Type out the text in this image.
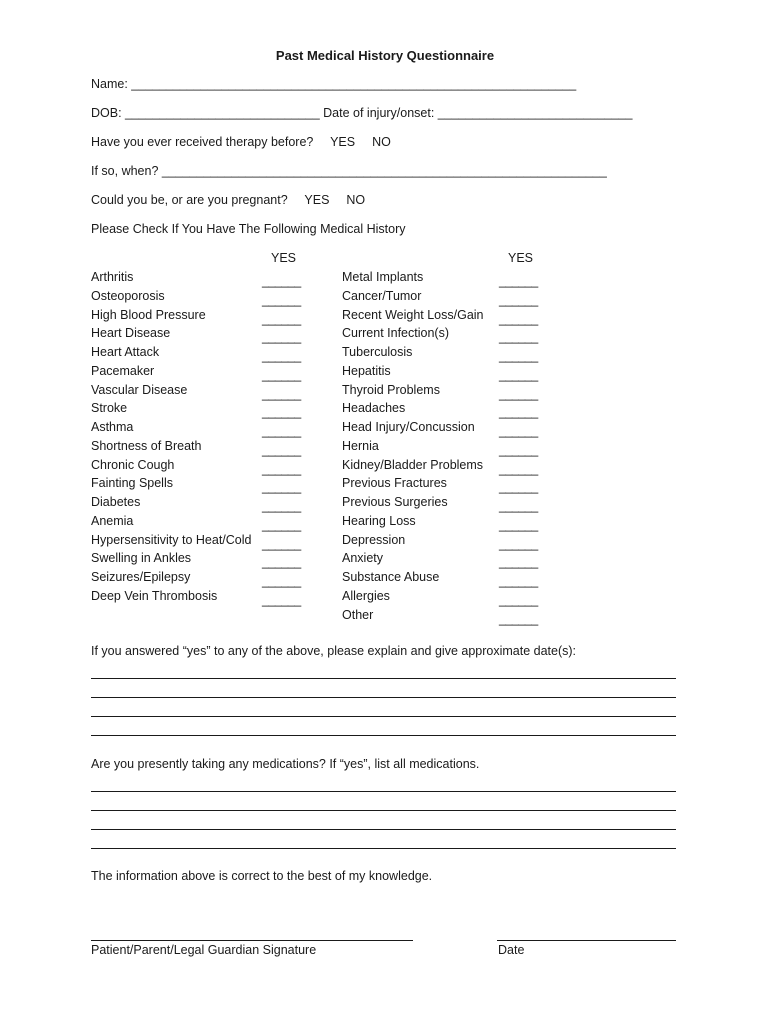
Past Medical History Questionnaire
Name: ________________________________________________________________
DOB: ____________________________ Date of injury/onset: ____________________________
Have you ever received therapy before? YES NO
If so, when? ________________________________________________________________
Could you be, or are you pregnant? YES NO
Please Check If You Have The Following Medical History
YES	YES
Arthritis	______
Osteoporosis	______
High Blood Pressure	______
Heart Disease	______
Heart Attack	______
Pacemaker	______
Vascular Disease	______
Stroke	______
Asthma	______
Shortness of Breath	______
Chronic Cough	______
Fainting Spells	______
Diabetes	______
Anemia	______
Hypersensitivity to Heat/Cold ______
Swelling in Ankles	______
Seizures/Epilepsy	______
Deep Vein Thrombosis	______
Metal Implants	______
Cancer/Tumor	______
Recent Weight Loss/Gain ______
Current Infection(s)	______
Tuberculosis	______
Hepatitis	______
Thyroid Problems	______
Headaches	______
Head Injury/Concussion ______
Hernia	______
Kidney/Bladder Problems ______
Previous Fractures	______
Previous Surgeries	______
Hearing Loss	______
Depression	______
Anxiety	______
Substance Abuse	______
Allergies	______
Other	______
If you answered “yes” to any of the above, please explain and give approximate date(s):
Are you presently taking any medications? If “yes”, list all medications.
The information above is correct to the best of my knowledge.
Patient/Parent/Legal Guardian Signature	Date
